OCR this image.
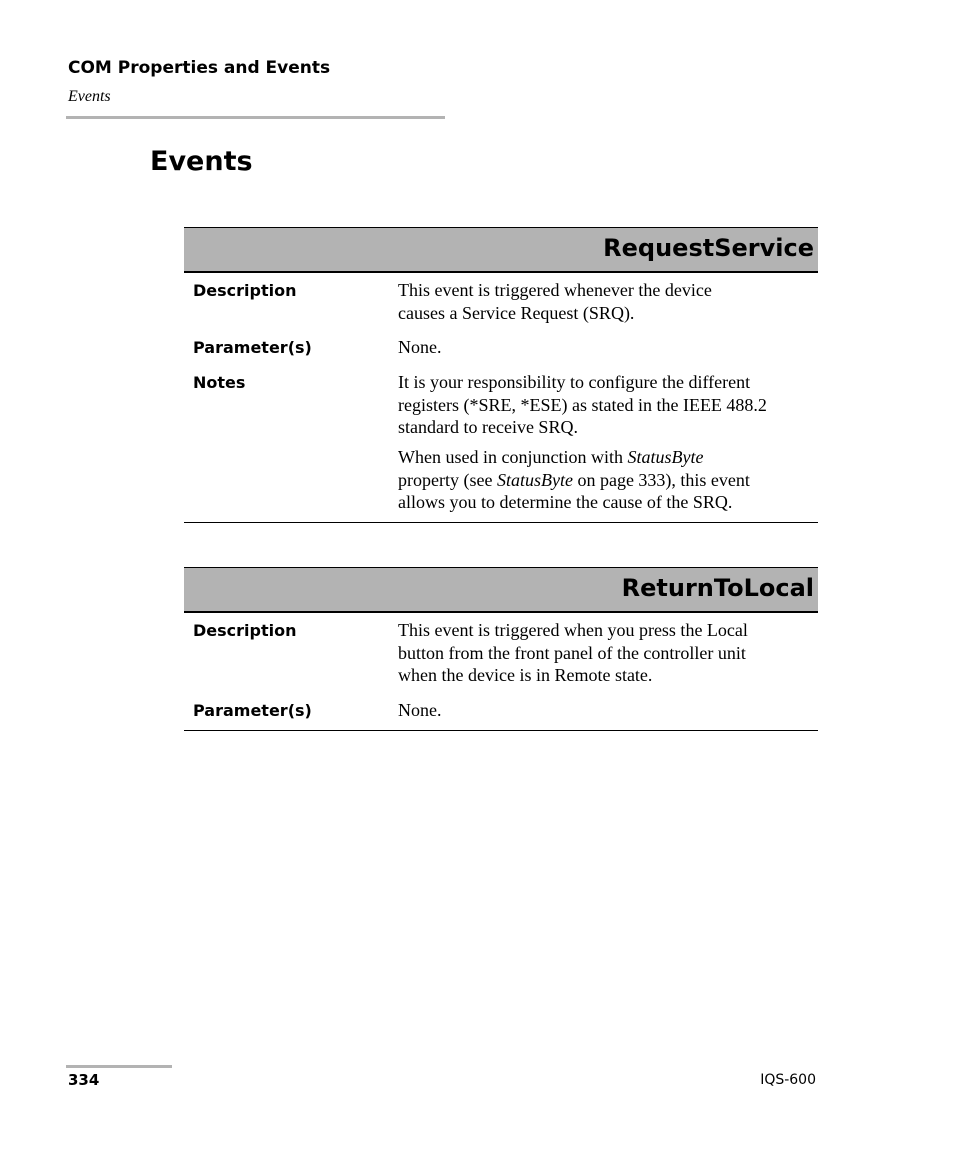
COM Properties and Events
Events
Events
RequestService
Description	This event is triggered whenever the device
causes a Service Request (SRQ).

Parameter(s)	None.

Notes	It is your responsibility to configure the different
registers (*SRE, *ESE) as stated in the IEEE 488.2
standard to receive SRQ.

When used in conjunction with StatusByte
property (see StatusByte on page 333), this event
allows you to determine the cause of the SRQ.

ReturnToLocal
Description	This event is triggered when you press the Local
button from the front panel of the controller unit
when the device is in Remote state.

Parameter(s)	None.

334	IQS-600
